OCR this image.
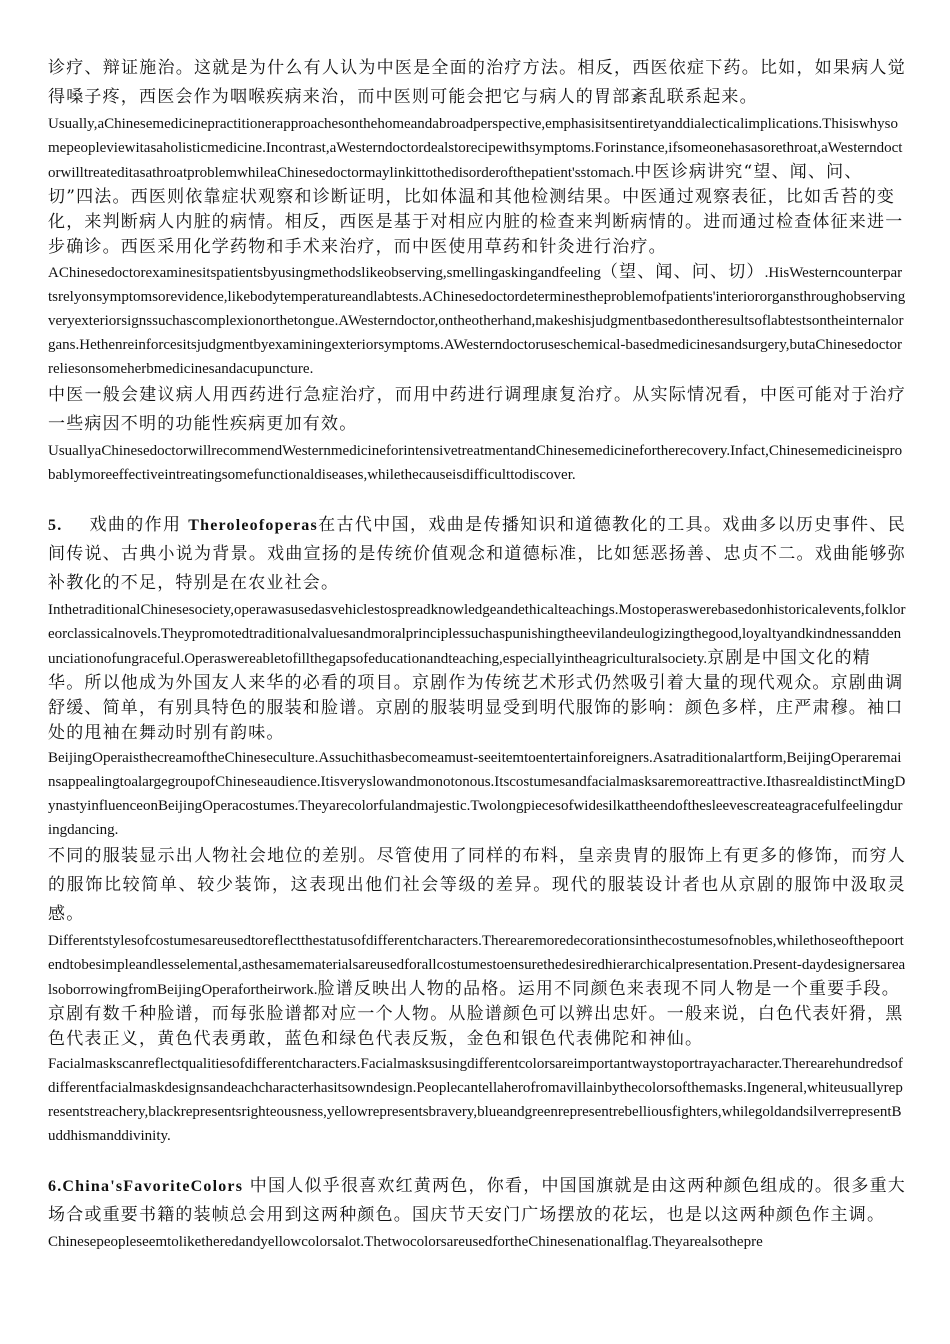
诊疗、辩证施治。这就是为什么有人认为中医是全面的治疗方法。相反，西医依症下药。比如，如果病人觉得嗓子疼，西医会作为咽喉疾病来治，而中医则可能会把它与病人的胃部紊乱联系起来。

Usually,aChinesemedicinepractitionerapproachesonthehomeandabroadperspective,emphasisitsentiretyanddialecticalimplications.Thisiswhysomepeopleviewitasaholisticmedicine.Incontrast,aWesterndoctordealstorecipewithsymptoms.Forinstance,ifsomeonehasasorethroat,aWesterndoctorwilltreateditasathroatproblemwhileaChinesedoctormaylinkittothedisorderofthepatient'sstomach.中医诊病讲究“望、闻、问、切”四法。西医则依靠症状观察和诊断证明，比如体温和其他检测结果。中医通过观察表征，比如舌苔的变化，来判断病人内脏的病情。相反，西医是基于对相应内脏的检查来判断病情的。进而通过检查体征来进一步确诊。西医采用化学药物和手术来治疗，而中医使用草药和针灸进行治疗。

AChinesedoctorexaminesitspatientsbyusingmethodslikeobserving,smellingaskingandfeeling（望、闻、问、切）.HisWesterncounterpartsrelyonsymptomsorevidence,likebodytemperatureandlabtests.AChinesedoctordeterminestheproblemofpatients'interiororgansthroughobservingveryexteriorsignssuchascomplexionorthetongue.AWesterndoctor,ontheotherhand,makeshisjudgmentbasedontheresultsoflabtestsontheinternalorgans.Hethenreinforcesitsjudgmentbyexaminingexteriorsymptoms.AWesterndoctoruseschemical-basedmedicinesandsurgery,butaChinesedoctorreliesonsomeherbmedicinesandacupuncture.

中医一般会建议病人用西药进行急症治疗，而用中药进行调理康复治疗。从实际情况看，中医可能对于治疗一些病因不明的功能性疾病更加有效。

UsuallyaChinesedoctorwillrecommendWesternmedicineforintensivetreatmentandChinesemedicinefortherecovery.Infact,Chinesemedicineisprobablymoreeffectiveintreatingsomefunctionaldiseases,whilethecauseisdifficulttodiscover.

5. 戏曲的作用 Theroleofoperas在古代中国，戏曲是传播知识和道德教化的工具。戏曲多以历史事件、民间传说、古典小说为背景。戏曲宣扬的是传统价值观念和道德标准，比如惩恶扬善、忠贞不二。戏曲能够弥补教化的不足，特别是在农业社会。

InthetraditionalChinesesociety,operawasusedasvehiclestospreadknowledgeandethicalteachings.Mostoperaswerebasedonhistoricalevents,folkloreorclassicalnovels.Theypromotedtraditionalvaluesandmoralprinciplessuchaspunishingtheevilandeulogizingthegood,loyaltyandkindnessanddenunciationofungraceful.Operaswereabletofillthegapsofeducationandteaching,especiallyintheagriculturalsociety.京剧是中国文化的精华。所以他成为外国友人来华的必看的项目。京剧作为传统艺术形式仍然吸引着大量的现代观众。京剧曲调舒缓、简单，有别具特色的服装和脸谱。京剧的服装明显受到明代服饰的影响：颜色多样，庄严肃穆。袖口处的甩袖在舞动时别有韵味。

BeijingOperaisthecreamoftheChineseculture.Assuchithasbecomeamust-seeitemtoentertainforeigners.Asatraditionalartform,BeijingOperaremainsappealingtoalargegroupofChineseaudience.Itisveryslowandmonotonous.Itscostumesandfacialmasksaremoreattractive.IthasrealdistinctMingDynastyinfluenceonBeijingOperacostumes.Theyarecolorfulandmajestic.Twolongpiecesofwidesilkattheendofthesleevescreateagracefulfeelingduringdancing.

不同的服装显示出人物社会地位的差别。尽管使用了同样的布料，皇亲贵胄的服饰上有更多的修饰，而穷人的服饰比较简单、较少装饰，这表现出他们社会等级的差异。现代的服装设计者也从京剧的服饰中汲取灵感。

Differentstylesofcostumesareusedtoreflectthestatusofdifferentcharacters.Therearemoredecorationsinthecostumesofnobles,whilethoseofthepoortendtobesimpleandlesselemental,asthesamematerialsareusedforallcostumestoensurethedesiredhierarchicalpresentation.Present-daydesignersarealsoborrowingfromBeijingOperafortheirwork.脸谱反映出人物的品格。运用不同颜色来表现不同人物是一个重要手段。京剧有数千种脸谱，而每张脸谱都对应一个人物。从脸谱颜色可以辨出忠奸。一般来说，白色代表奸猾，黑色代表正义，黄色代表勇敢，蓝色和绿色代表反叛，金色和银色代表佛陀和神仙。

Facialmaskscanreflectqualitiesofdifferentcharacters.Facialmasksusingdifferentcolorsareimportantwaystoportrayacharacter.Therearehundredsofdifferentfacialmaskdesignsandeachcharacterhasitsowndesign.Peoplecantellaherofromavillainbythecolorsofthemasks.Ingeneral,whiteusuallyrepresentstreachery,blackrepresentsrighteousness,yellowrepresentsbravery,blueandgreenrepresentrebelliousfighters,whilegoldandsilverrepresentBuddhismanddivinity.

6.China'sFavoriteColors 中国人似乎很喜欢红黄两色，你看，中国国旗就是由这两种颜色组成的。很多重大场合或重要书籍的装帧总会用到这两种颜色。国庆节天安门广场摆放的花坛，也是以这两种颜色作主调。

Chinesepeopleseemtoliketheredandyellowcolorsalot.ThetwocolorsareusedfortheChinesenationalflag.Theyarealsothepre
